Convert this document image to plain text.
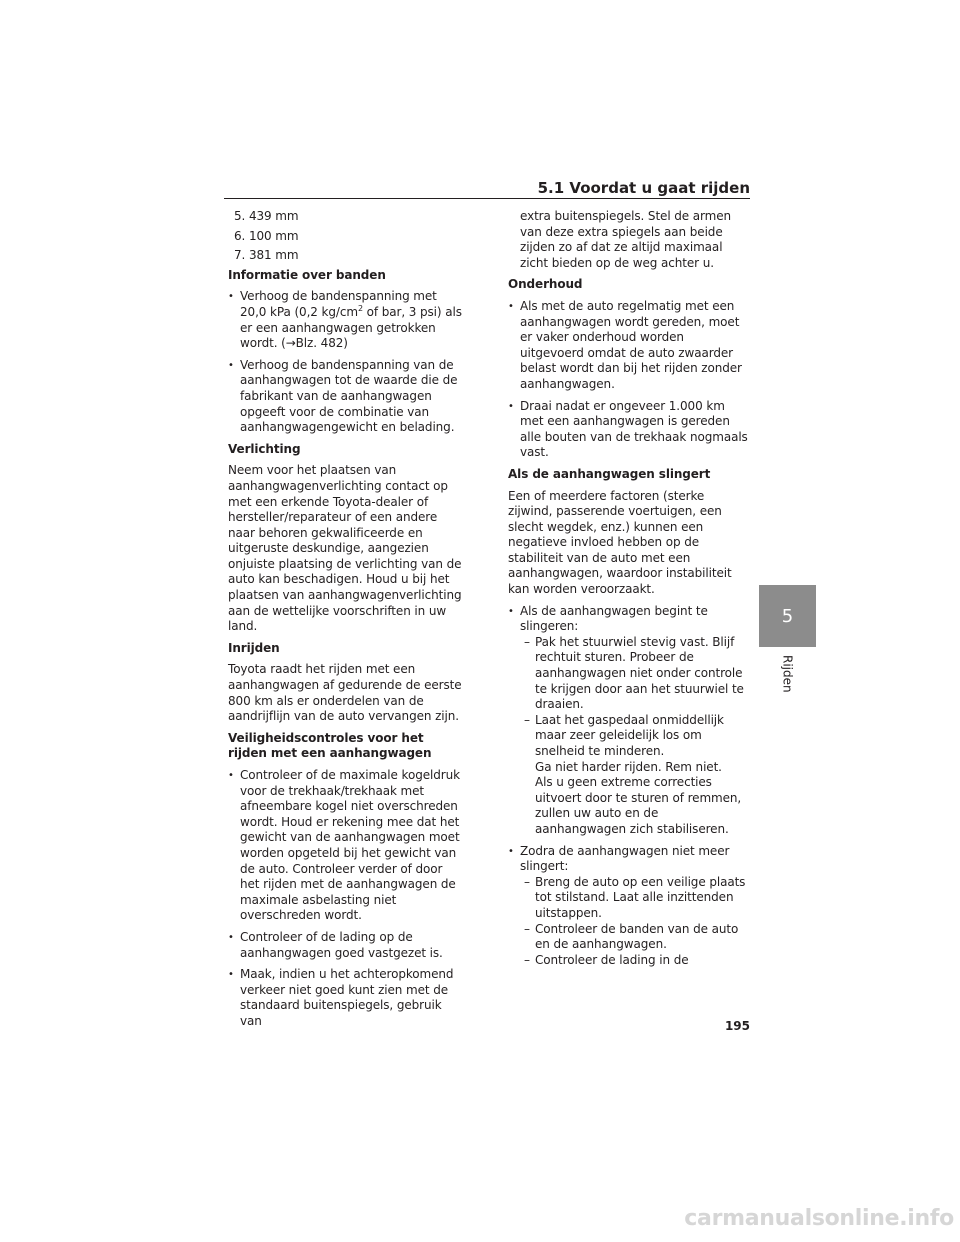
5.1 Voordat u gaat rijden
5. 439 mm
6. 100 mm
7. 381 mm
Informatie over banden
• Verhoog de bandenspanning met 20,0 kPa (0,2 $kg/cm^2$ of bar, 3 psi) als er een aanhangwagen getrokken wordt. (→Blz. 482)
• Verhoog de bandenspanning van de aanhangwagen tot de waarde die de fabrikant van de aanhangwagen opgeeft voor de combinatie van aanhangwagengewicht en belading.
Verlichting

Neem voor het plaatsen van aanhangwagenverlichting contact op met een erkende Toyota-dealer of hersteller/reparateur of een andere naar behoren gekwalificeerde en uitgeruste deskundige, aangezien onjuiste plaatsing de verlichting van de auto kan beschadigen. Houd u bij het plaatsen van aanhangwagenverlichting aan de wettelijke voorschriften in uw land.

Inrijden

Toyota raadt het rijden met een aanhangwagen af gedurende de eerste 800 km als er onderdelen van de aandrijflijn van de auto vervangen zijn.

Veiligheidscontroles voor het rijden met een aanhangwagen
• Controleer of de maximale kogeldruk voor de trekhaak/trekhaak met afneembare kogel niet overschreden wordt. Houd er rekening mee dat het gewicht van de aanhangwagen moet worden opgeteld bij het gewicht van de auto. Controleer verder of door het rijden met de aanhangwagen de maximale asbelasting niet overschreden wordt.
• Controleer of de lading op de aanhangwagen goed vastgezet is.
• Maak, indien u het achteropkomend verkeer niet goed kunt zien met de standaard buitenspiegels, gebruik van

extra buitenspiegels. Stel de armen van deze extra spiegels aan beide zijden zo af dat ze altijd maximaal zicht bieden op de weg achter u.

Onderhoud
• Als met de auto regelmatig met een aanhangwagen wordt gereden, moet er vaker onderhoud worden uitgevoerd omdat de auto zwaarder belast wordt dan bij het rijden zonder aanhangwagen.
• Draai nadat er ongeveer 1.000 km met een aanhangwagen is gereden alle bouten van de trekhaak nogmaals vast.
Als de aanhangwagen slingert

Een of meerdere factoren (sterke zijwind, passerende voertuigen, een slecht wegdek, enz.) kunnen een negatieve invloed hebben op de stabiliteit van de auto met een aanhangwagen, waardoor instabiliteit kan worden veroorzaakt.

• Als de aanhangwagen begint te slingeren:
– Pak het stuurwiel stevig vast. Blijf rechtuit sturen. Probeer de aanhangwagen niet onder controle te krijgen door aan het stuurwiel te draaien.
– Laat het gaspedaal onmiddellijk maar zeer geleidelijk los om snelheid te minderen.
Ga niet harder rijden. Rem niet.
Als u geen extreme correcties uitvoert door te sturen of remmen, zullen uw auto en de aanhangwagen zich stabiliseren.
• Zodra de aanhangwagen niet meer slingert:
– Breng de auto op een veilige plaats tot stilstand. Laat alle inzittenden uitstappen.
– Controleer de banden van de auto en de aanhangwagen.
– Controleer de lading in de
5
Rijden
195
carmanualsonline.info
